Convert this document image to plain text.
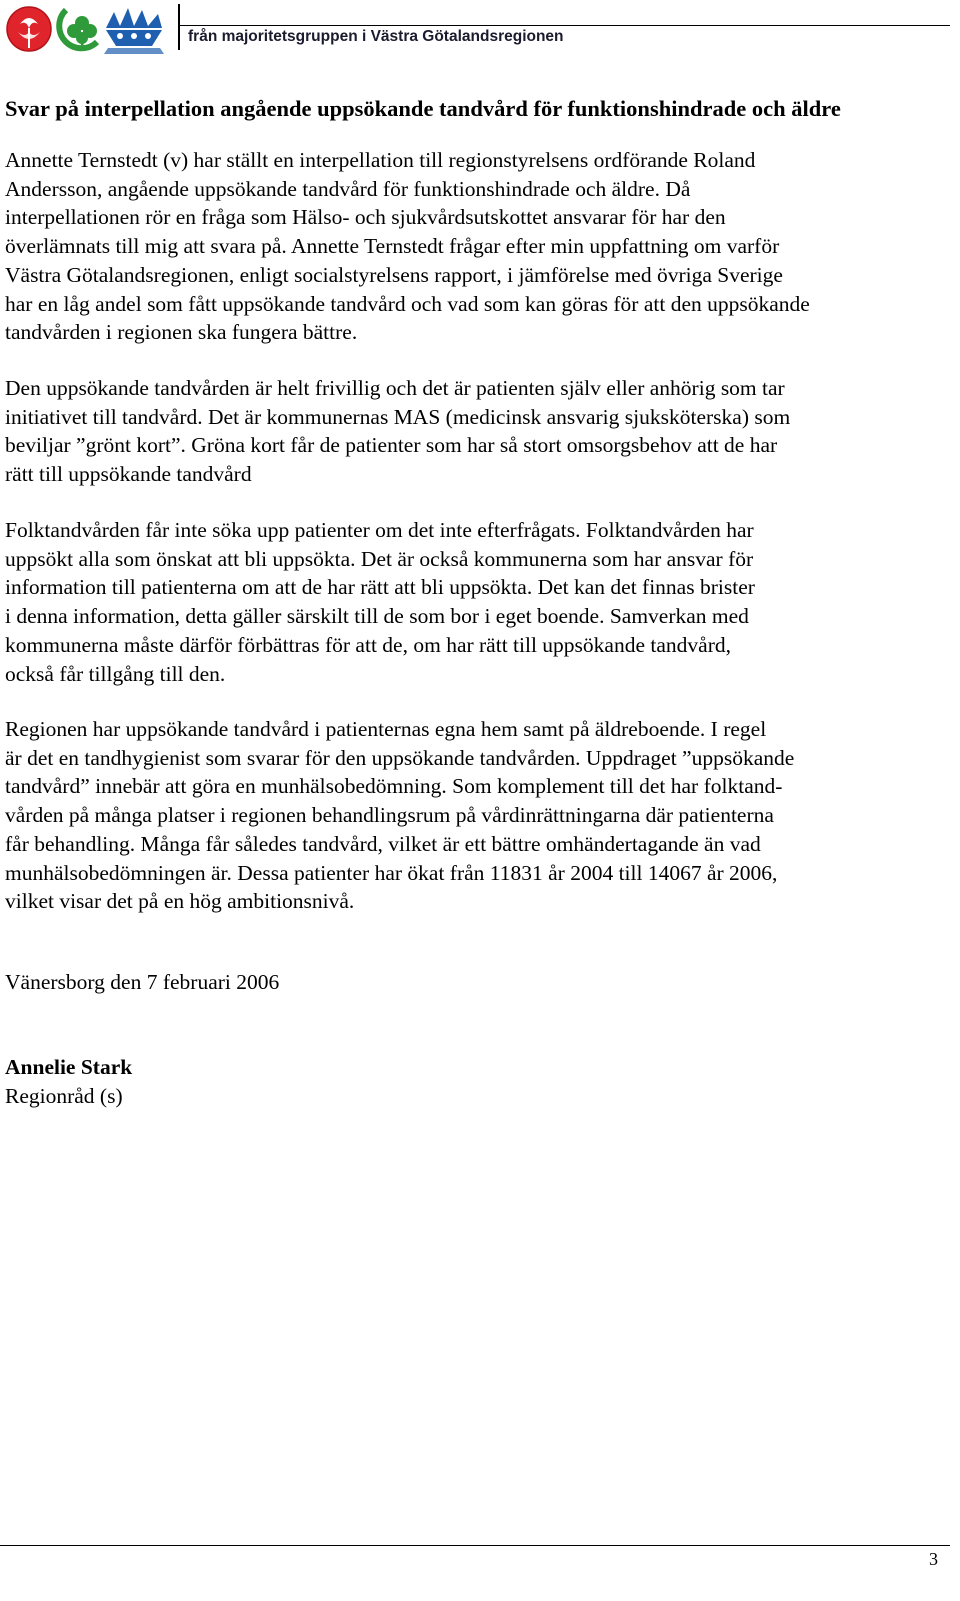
från majoritetsgruppen i Västra Götalandsregionen
Svar på interpellation angående uppsökande tandvård för funktionshindrade och äldre
Annette Ternstedt (v) har ställt en interpellation till regionstyrelsens ordförande Roland
Andersson, angående uppsökande tandvård för funktionshindrade och äldre. Då
interpellationen rör en fråga som Hälso- och sjukvårdsutskottet ansvarar för har den
överlämnats till mig att svara på. Annette Ternstedt frågar efter min uppfattning om varför
Västra Götalandsregionen, enligt socialstyrelsens rapport, i jämförelse med övriga Sverige
har en låg andel som fått uppsökande tandvård och vad som kan göras för att den uppsökande
tandvården i regionen ska fungera bättre.
Den uppsökande tandvården är helt frivillig och det är patienten själv eller anhörig som tar
initiativet till tandvård. Det är kommunernas MAS (medicinsk ansvarig sjuksköterska) som
beviljar ”grönt kort”. Gröna kort får de patienter som har så stort omsorgsbehov att de har
rätt till uppsökande tandvård
Folktandvården får inte söka upp patienter om det inte efterfrågats. Folktandvården har
uppsökt alla som önskat att bli uppsökta. Det är också kommunerna som har ansvar för
information till patienterna om att de har rätt att bli uppsökta. Det kan det finnas brister
i denna information, detta gäller särskilt till de som bor i eget boende. Samverkan med
kommunerna måste därför förbättras för att de, om har rätt till uppsökande tandvård,
också får tillgång till den.
Regionen har uppsökande tandvård i patienternas egna hem samt på äldreboende. I regel
är det en tandhygienist som svarar för den uppsökande tandvården. Uppdraget ”uppsökande
tandvård” innebär att göra en munhälsobedömning. Som komplement till det har folktand-
vården på många platser i regionen behandlingsrum på vårdinrättningarna där patienterna
får behandling. Många får således tandvård, vilket är ett bättre omhändertagande än vad
munhälsobedömningen är. Dessa patienter har ökat från 11831 år 2004 till 14067 år 2006,
vilket visar det på en hög ambitionsnivå.
Vänersborg den 7 februari 2006
Annelie Stark
Regionråd (s)
3
